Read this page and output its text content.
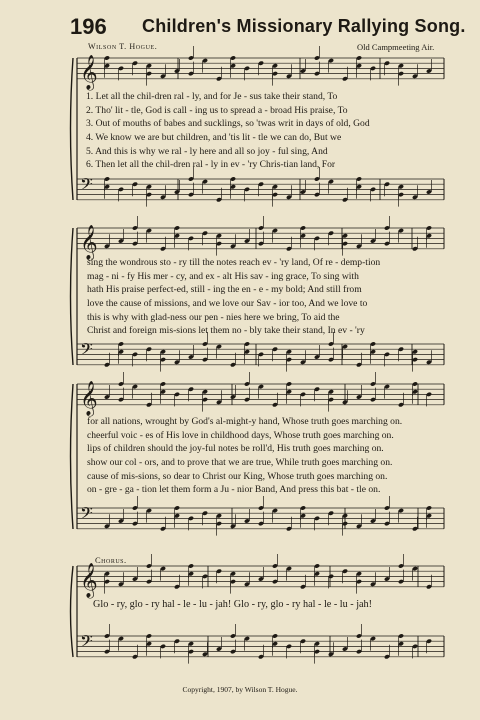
196 Children's Missionary Rallying Song.
Wilson T. Hogue.	Old Campmeeting Air.
𝄞
𝄢
𝄞
𝄢
𝄞
𝄢
𝄞
𝄢
1. Let all the chil-dren ral - ly, and for Je - sus take their stand, To
2. Tho' lit - tle, God is call - ing us to spread a - broad His praise, To
3. Out of mouths of babes and sucklings, so 'twas writ in days of old, God
4. We know we are but children, and 'tis lit - tle we can do, But we
5. And this is why we ral - ly here and all so joy - ful sing, And
6. Then let all the chil-dren ral - ly in ev - 'ry Chris-tian land, For
sing the wondrous sto - ry till the notes reach ev - 'ry land, Of re - demp-tion
mag - ni - fy His mer - cy, and ex - alt His sav - ing grace, To sing with
hath His praise perfect-ed, still - ing the en - e - my bold; And still from
love the cause of missions, and we love our Sav - ior too, And we love to
this is why with glad-ness our pen - nies here we bring, To aid the
Christ and foreign mis-sions let them no - bly take their stand, In ev - 'ry
for all nations, wrought by God's al-might-y hand, Whose truth goes marching on.
cheerful voic - es of His love in childhood days, Whose truth goes marching on.
lips of children should the joy-ful notes be roll'd, His truth goes marching on.
show our col - ors, and to prove that we are true, While truth goes marching on.
cause of mis-sions, so dear to Christ our King, Whose truth goes marching on.
on - gre - ga - tion let them form a Ju - nior Band, And press this bat - tle on.
Chorus.
Glo - ry, glo - ry hal - le - lu - jah! Glo - ry, glo - ry hal - le - lu - jah!
Copyright, 1907, by Wilson T. Hogue.
